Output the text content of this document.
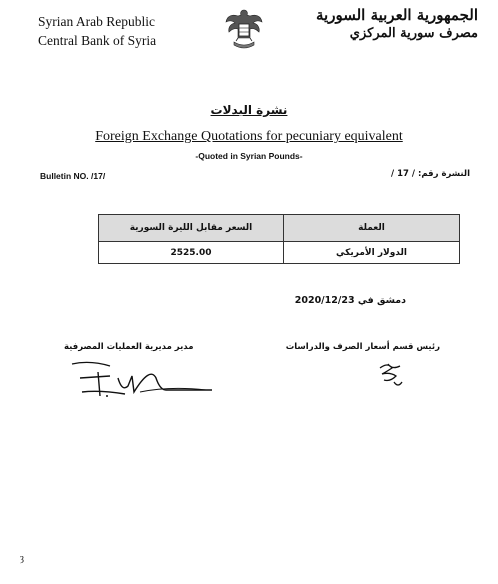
Syrian Arab Republic
Central Bank of Syria
الجمهورية العربية السورية
مصرف سورية المركزي
نشرة البدلات
Foreign Exchange Quotations for pecuniary equivalent
-Quoted in Syrian Pounds-
Bulletin NO. /17/	النشرة رقم: / 17 /
السعر مقابل الليرة السورية	العملة
2525.00	الدولار الأمريكي
دمشق في 2020/12/23
مدير مديرية العمليات المصرفية	رئيس قسم أسعار الصرف والدراسات
ȝ
